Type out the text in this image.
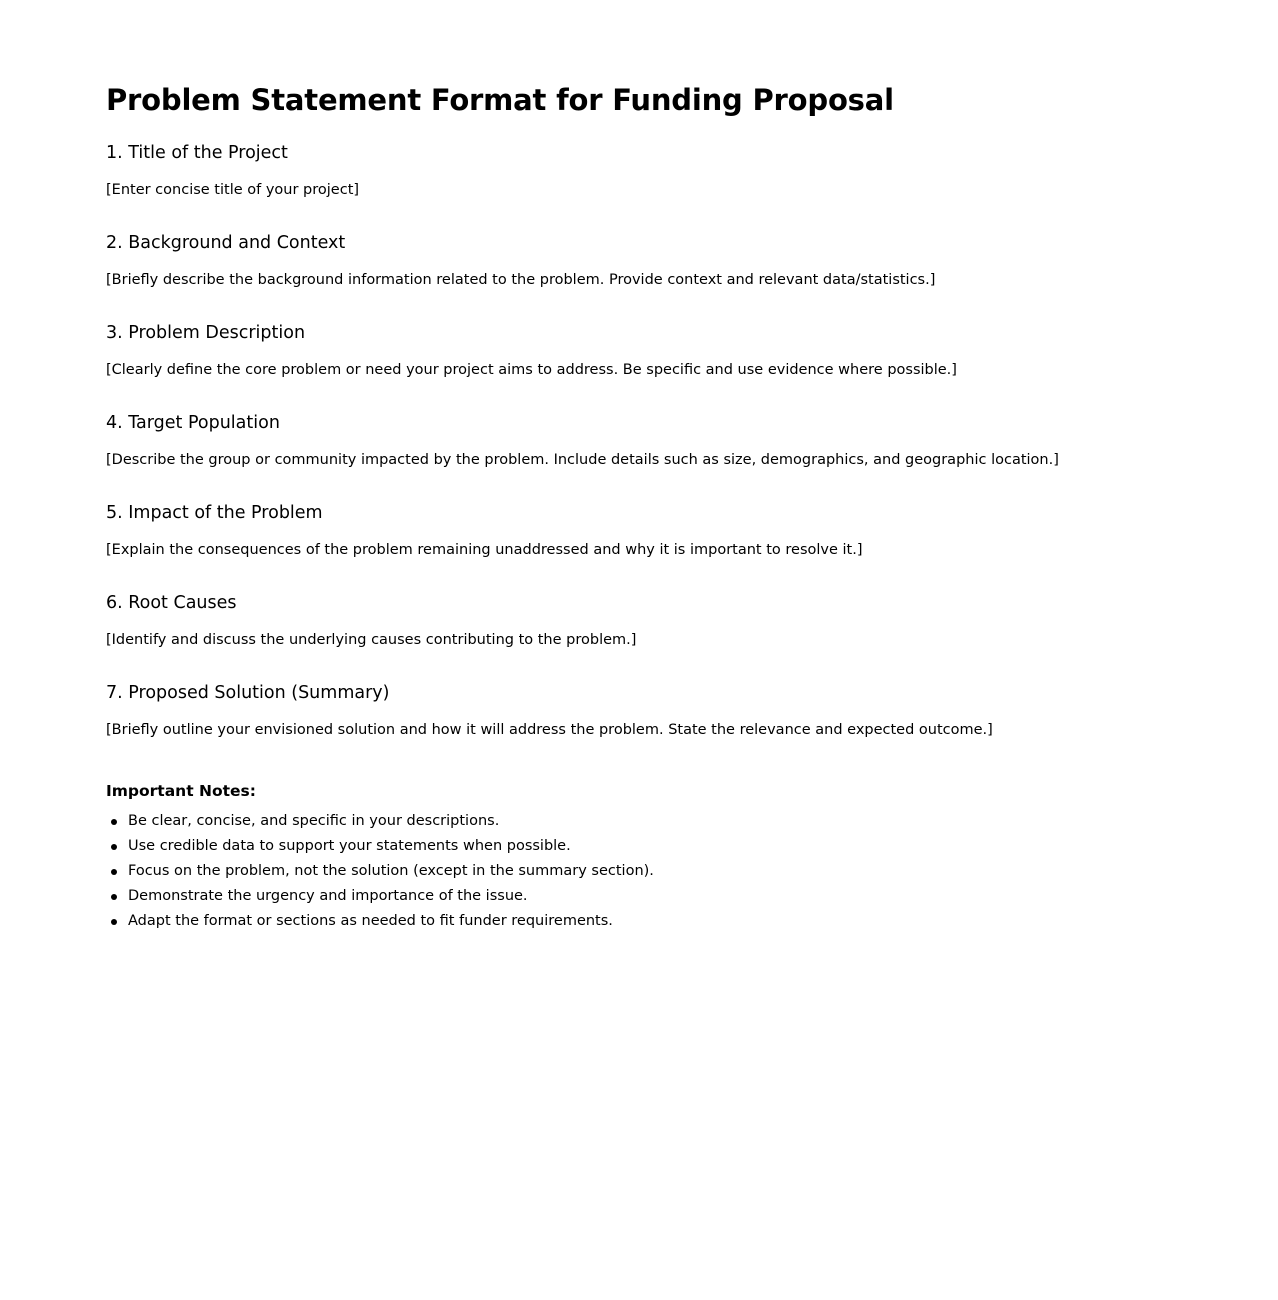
Problem Statement Format for Funding Proposal
1. Title of the Project

[Enter concise title of your project]

2. Background and Context

[Briefly describe the background information related to the problem. Provide context and relevant data/statistics.]

3. Problem Description

[Clearly define the core problem or need your project aims to address. Be specific and use evidence where possible.]

4. Target Population

[Describe the group or community impacted by the problem. Include details such as size, demographics, and geographic location.]

5. Impact of the Problem

[Explain the consequences of the problem remaining unaddressed and why it is important to resolve it.]

6. Root Causes

[Identify and discuss the underlying causes contributing to the problem.]

7. Proposed Solution (Summary)

[Briefly outline your envisioned solution and how it will address the problem. State the relevance and expected outcome.]

Important Notes:
Be clear, concise, and specific in your descriptions.
Use credible data to support your statements when possible.
Focus on the problem, not the solution (except in the summary section).
Demonstrate the urgency and importance of the issue.
Adapt the format or sections as needed to fit funder requirements.
